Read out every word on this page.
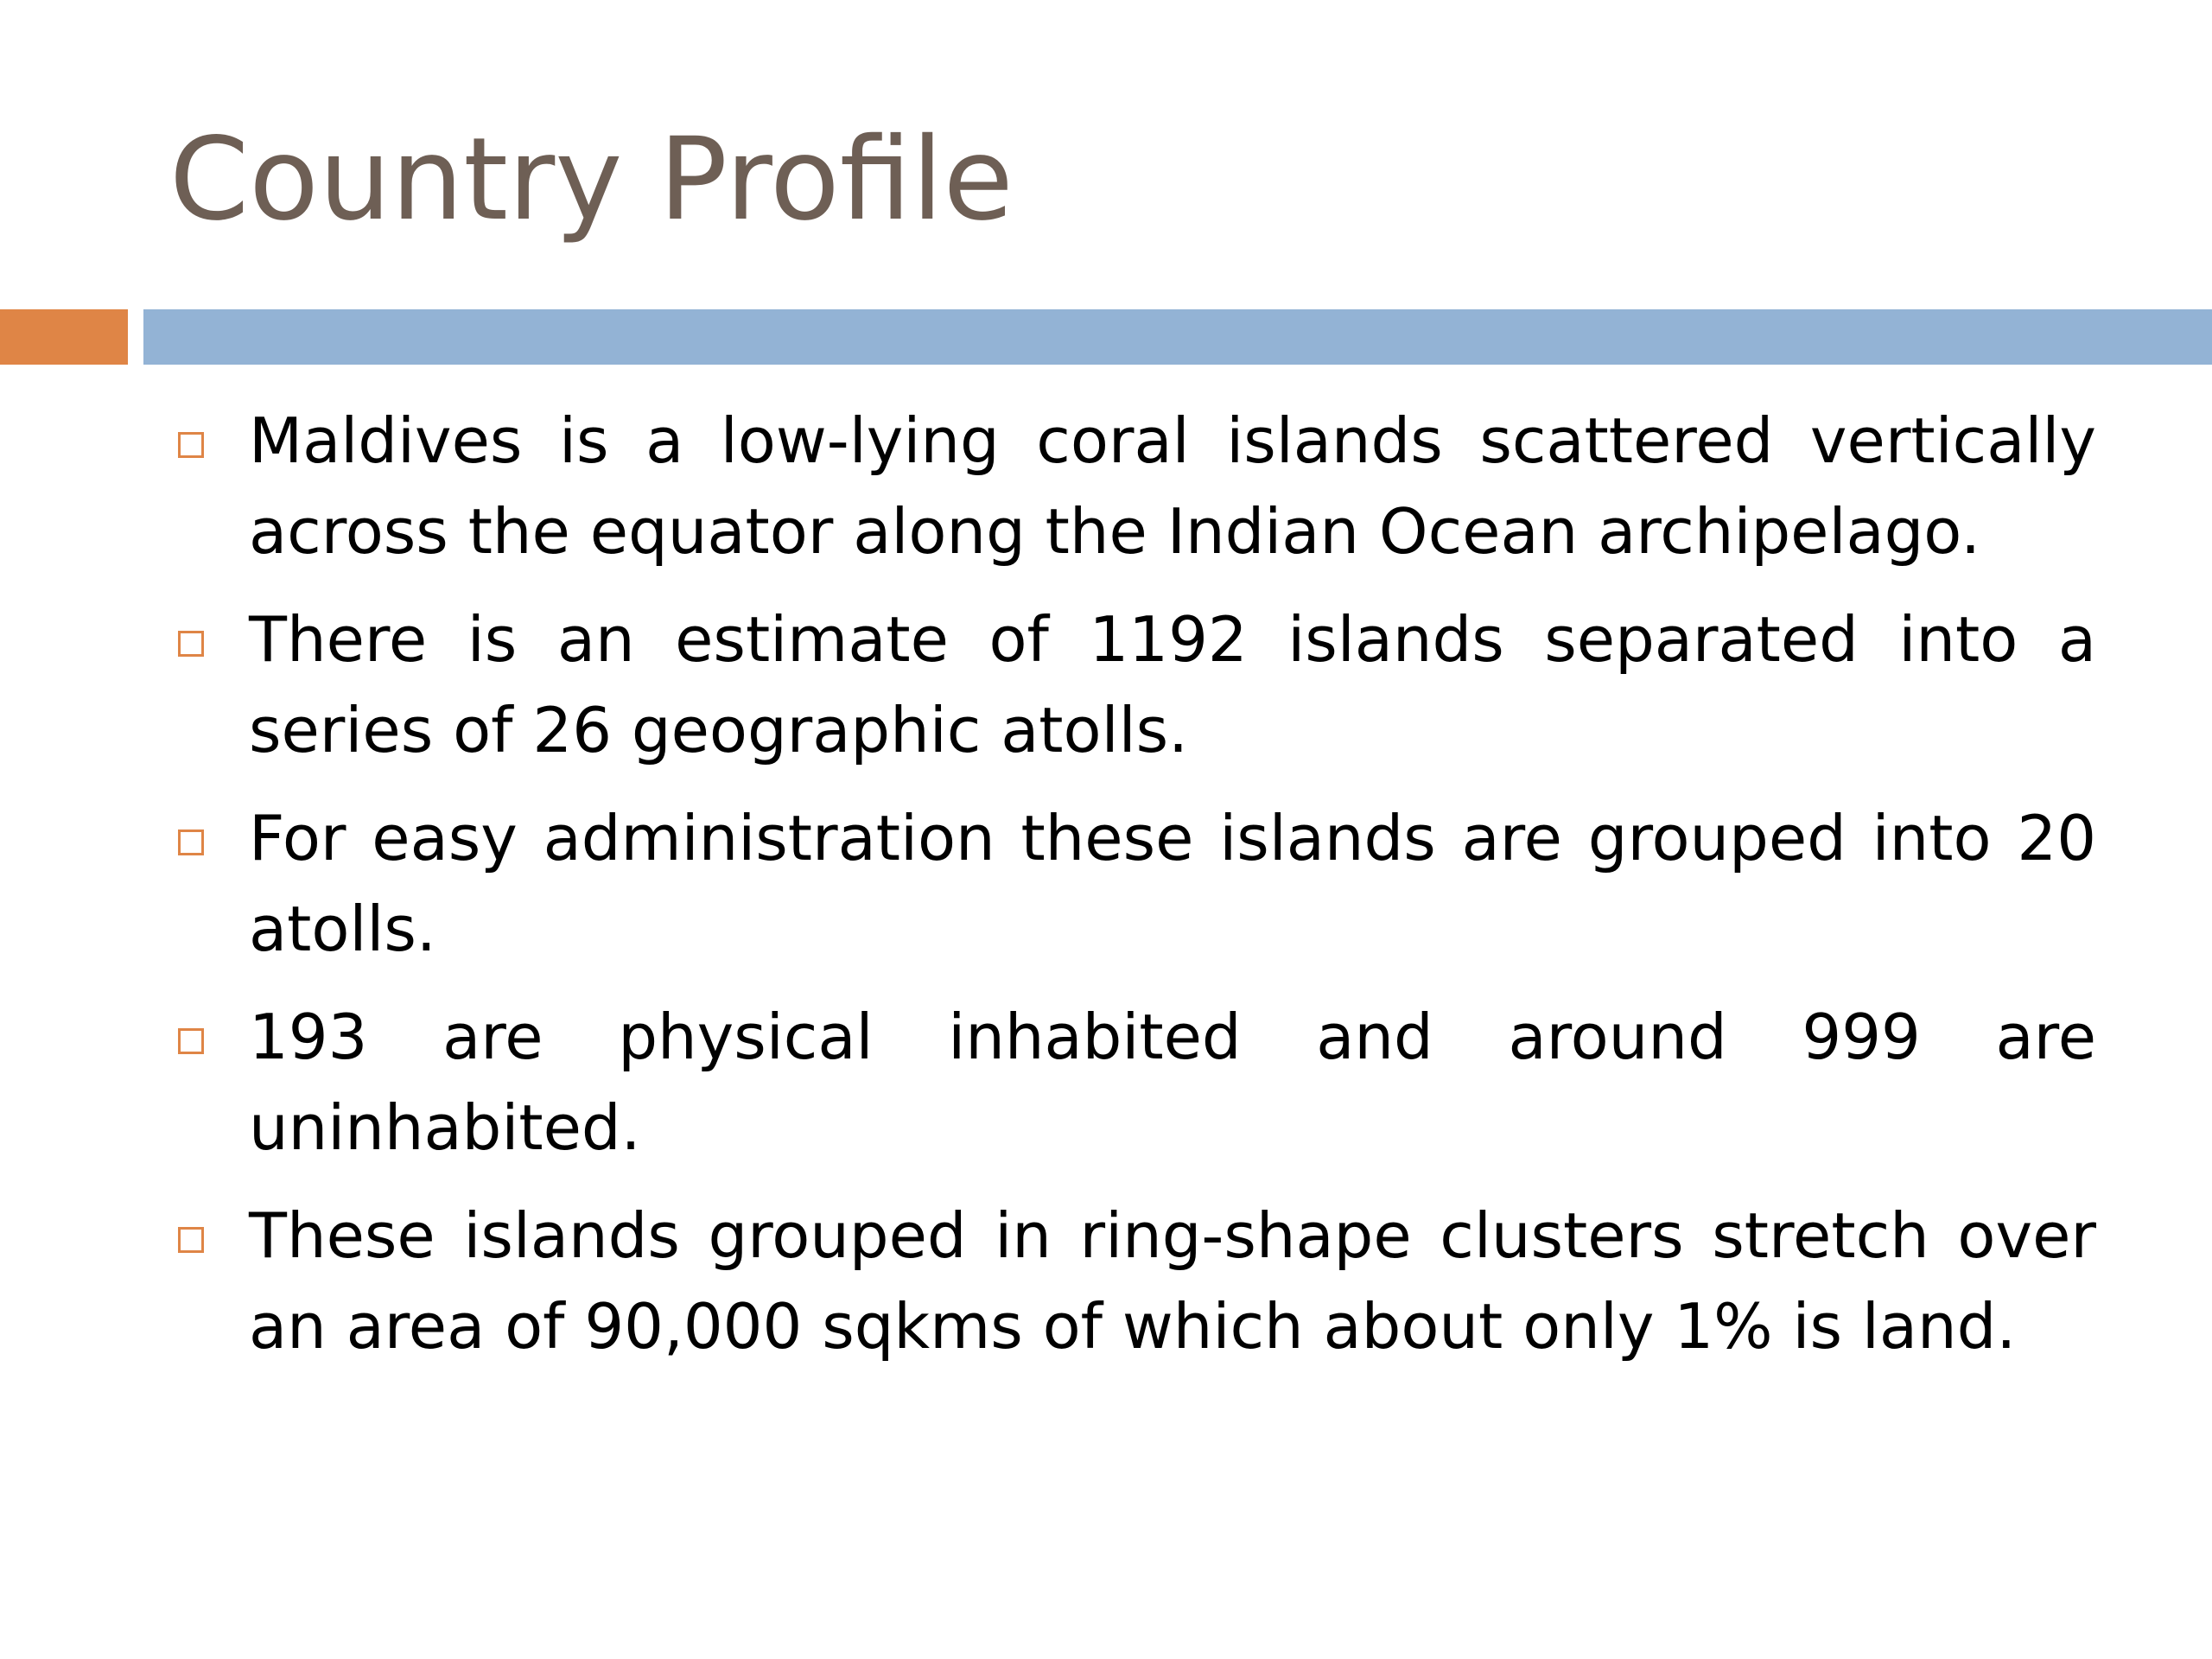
Country Profile
Maldives is a low-lying coral islands scattered vertically across the equator along the Indian Ocean archipelago.
There is an estimate of 1192 islands separated into a series of 26 geographic atolls.
For easy administration these islands are grouped into 20 atolls.
193 are physical inhabited and around 999 are uninhabited.
These islands grouped in ring-shape clusters stretch over an area of 90,000 sqkms of which about only 1% is land.
